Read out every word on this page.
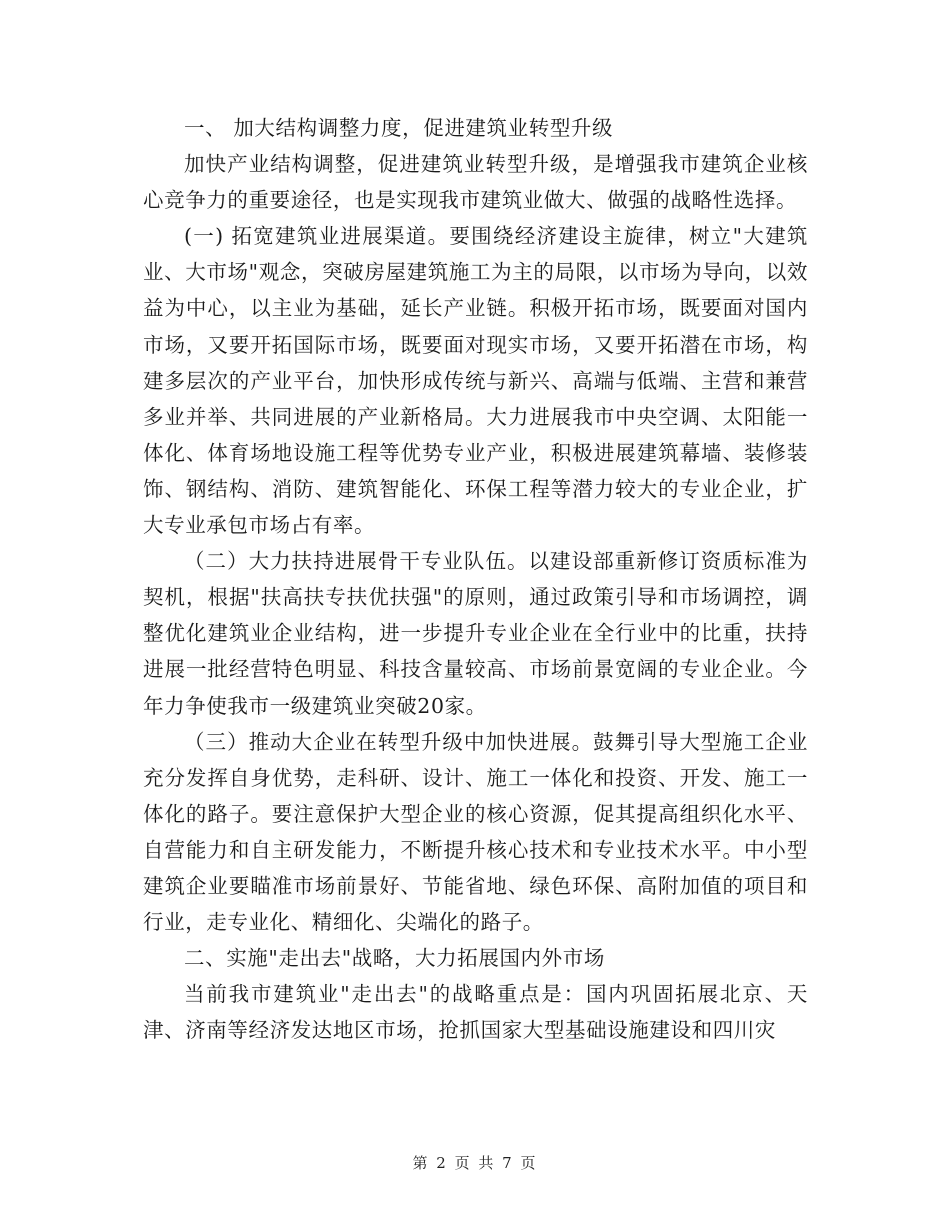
一、 加大结构调整力度，促进建筑业转型升级

加快产业结构调整，促进建筑业转型升级，是增强我市建筑企业核心竞争力的重要途径，也是实现我市建筑业做大、做强的战略性选择。

(一) 拓宽建筑业进展渠道。要围绕经济建设主旋律，树立"大建筑业、大市场"观念，突破房屋建筑施工为主的局限，以市场为导向，以效益为中心，以主业为基础，延长产业链。积极开拓市场，既要面对国内市场，又要开拓国际市场，既要面对现实市场，又要开拓潜在市场，构建多层次的产业平台，加快形成传统与新兴、高端与低端、主营和兼营多业并举、共同进展的产业新格局。大力进展我市中央空调、太阳能一体化、体育场地设施工程等优势专业产业，积极进展建筑幕墙、装修装饰、钢结构、消防、建筑智能化、环保工程等潜力较大的专业企业，扩大专业承包市场占有率。

（二）大力扶持进展骨干专业队伍。以建设部重新修订资质标准为契机，根据"扶高扶专扶优扶强"的原则，通过政策引导和市场调控，调整优化建筑业企业结构，进一步提升专业企业在全行业中的比重，扶持进展一批经营特色明显、科技含量较高、市场前景宽阔的专业企业。今年力争使我市一级建筑业突破20家。

（三）推动大企业在转型升级中加快进展。鼓舞引导大型施工企业充分发挥自身优势，走科研、设计、施工一体化和投资、开发、施工一体化的路子。要注意保护大型企业的核心资源，促其提高组织化水平、自营能力和自主研发能力，不断提升核心技术和专业技术水平。中小型建筑企业要瞄准市场前景好、节能省地、绿色环保、高附加值的项目和行业，走专业化、精细化、尖端化的路子。

二、实施"走出去"战略，大力拓展国内外市场

当前我市建筑业"走出去"的战略重点是：国内巩固拓展北京、天津、济南等经济发达地区市场，抢抓国家大型基础设施建设和四川灾

第 2 页 共 7 页
